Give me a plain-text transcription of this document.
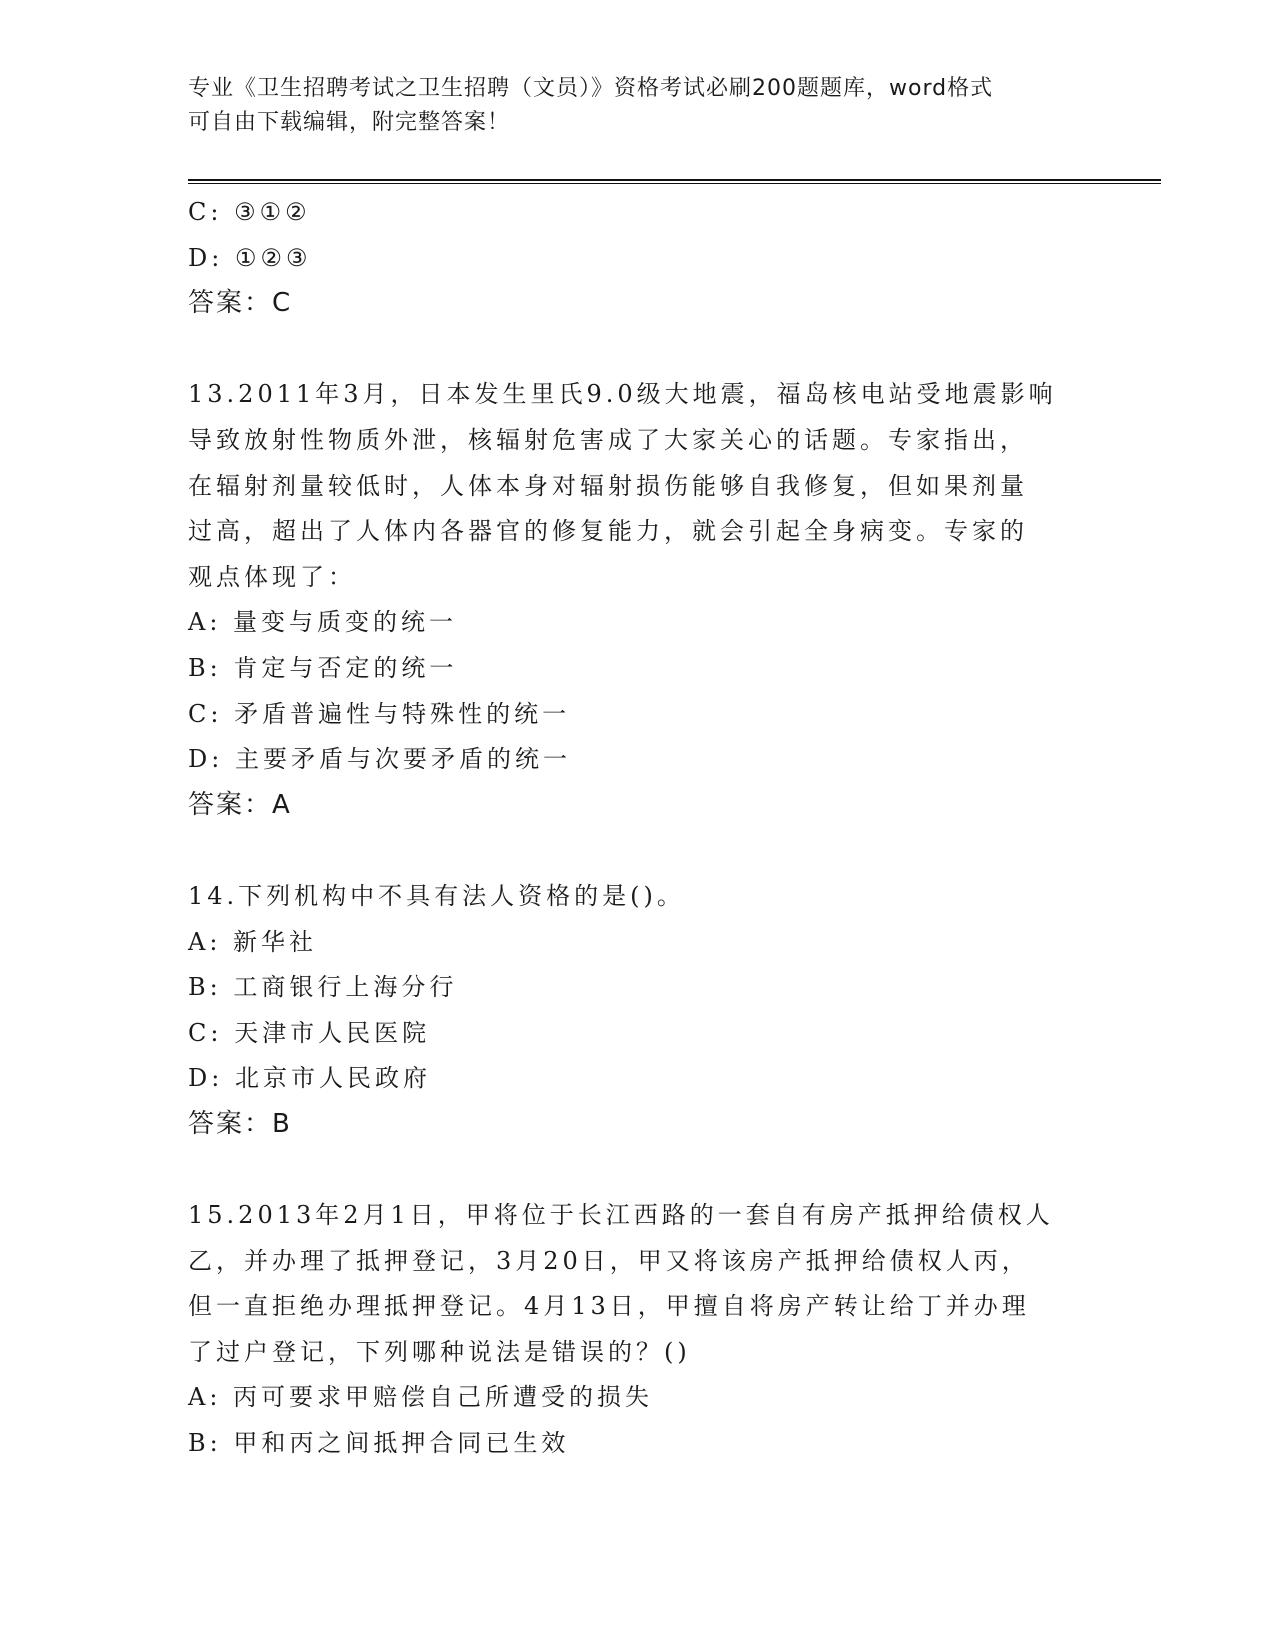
专业《卫生招聘考试之卫生招聘（文员）》资格考试必刷200题题库，word格式
可自由下载编辑，附完整答案！
C: ③①②
D: ①②③
答案：C
13.2011年3月，日本发生里氏9.0级大地震，福岛核电站受地震影响
导致放射性物质外泄，核辐射危害成了大家关心的话题。专家指出，
在辐射剂量较低时，人体本身对辐射损伤能够自我修复，但如果剂量
过高，超出了人体内各器官的修复能力，就会引起全身病变。专家的
观点体现了：
A: 量变与质变的统一
B: 肯定与否定的统一
C: 矛盾普遍性与特殊性的统一
D: 主要矛盾与次要矛盾的统一
答案：A
14.下列机构中不具有法人资格的是()。
A: 新华社
B: 工商银行上海分行
C: 天津市人民医院
D: 北京市人民政府
答案：B
15.2013年2月1日，甲将位于长江西路的一套自有房产抵押给债权人
乙，并办理了抵押登记，3月20日，甲又将该房产抵押给债权人丙，
但一直拒绝办理抵押登记。4月13日，甲擅自将房产转让给丁并办理
了过户登记，下列哪种说法是错误的？()
A: 丙可要求甲赔偿自己所遭受的损失
B: 甲和丙之间抵押合同已生效
